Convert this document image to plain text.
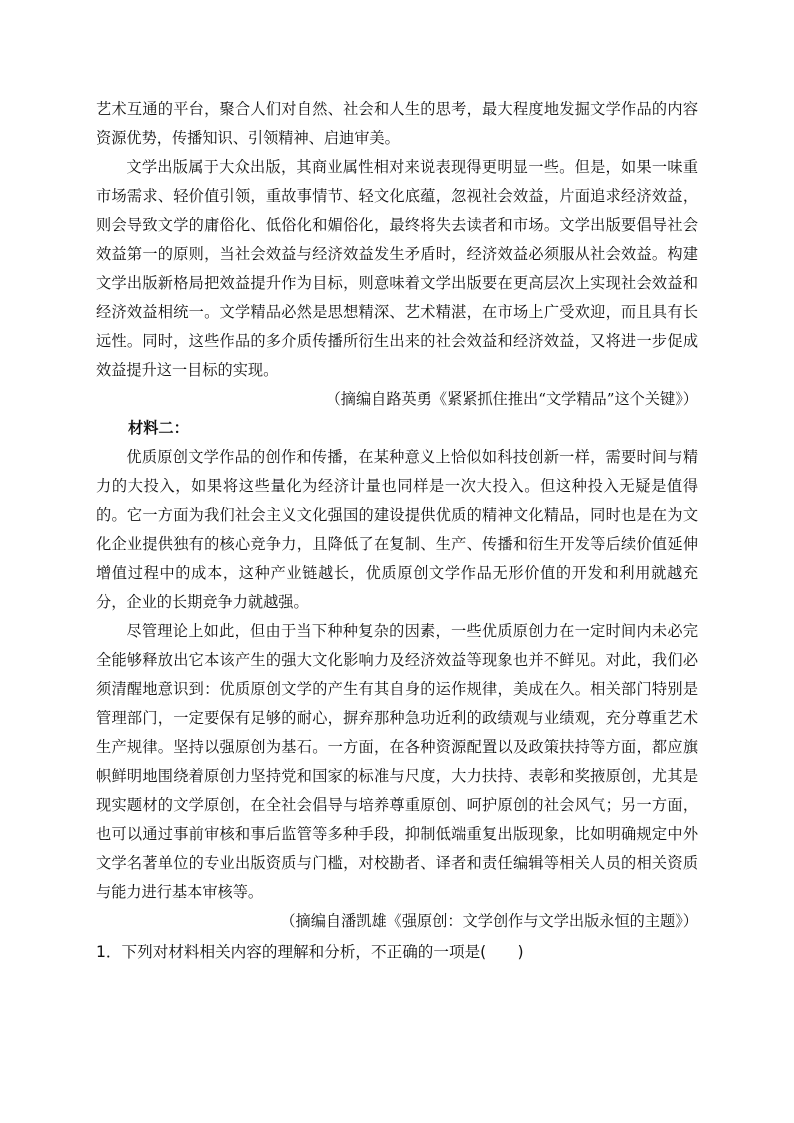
艺术互通的平台，聚合人们对自然、社会和人生的思考，最大程度地发掘文学作品的内容资源优势，传播知识、引领精神、启迪审美。

文学出版属于大众出版，其商业属性相对来说表现得更明显一些。但是，如果一味重市场需求、轻价值引领，重故事情节、轻文化底蕴，忽视社会效益，片面追求经济效益，则会导致文学的庸俗化、低俗化和媚俗化，最终将失去读者和市场。文学出版要倡导社会效益第一的原则，当社会效益与经济效益发生矛盾时，经济效益必须服从社会效益。构建文学出版新格局把效益提升作为目标，则意味着文学出版要在更高层次上实现社会效益和经济效益相统一。文学精品必然是思想精深、艺术精湛，在市场上广受欢迎，而且具有长远性。同时，这些作品的多介质传播所衍生出来的社会效益和经济效益，又将进一步促成效益提升这一目标的实现。

（摘编自路英勇《紧紧抓住推出“文学精品”这个关键》）

材料二：

优质原创文学作品的创作和传播，在某种意义上恰似如科技创新一样，需要时间与精力的大投入，如果将这些量化为经济计量也同样是一次大投入。但这种投入无疑是值得的。它一方面为我们社会主义文化强国的建设提供优质的精神文化精品，同时也是在为文化企业提供独有的核心竞争力，且降低了在复制、生产、传播和衍生开发等后续价值延伸增值过程中的成本，这种产业链越长，优质原创文学作品无形价值的开发和利用就越充分，企业的长期竞争力就越强。

尽管理论上如此，但由于当下种种复杂的因素，一些优质原创力在一定时间内未必完全能够释放出它本该产生的强大文化影响力及经济效益等现象也并不鲜见。对此，我们必须清醒地意识到：优质原创文学的产生有其自身的运作规律，美成在久。相关部门特别是管理部门，一定要保有足够的耐心，摒弃那种急功近利的政绩观与业绩观，充分尊重艺术生产规律。坚持以强原创为基石。一方面，在各种资源配置以及政策扶持等方面，都应旗帜鲜明地围绕着原创力坚持党和国家的标准与尺度，大力扶持、表彰和奖掖原创，尤其是现实题材的文学原创，在全社会倡导与培养尊重原创、呵护原创的社会风气；另一方面，也可以通过事前审核和事后监管等多种手段，抑制低端重复出版现象，比如明确规定中外文学名著单位的专业出版资质与门槛，对校勘者、译者和责任编辑等相关人员的相关资质与能力进行基本审核等。

（摘编自潘凯雄《强原创：文学创作与文学出版永恒的主题》）

1．下列对材料相关内容的理解和分析，不正确的一项是(　　)
